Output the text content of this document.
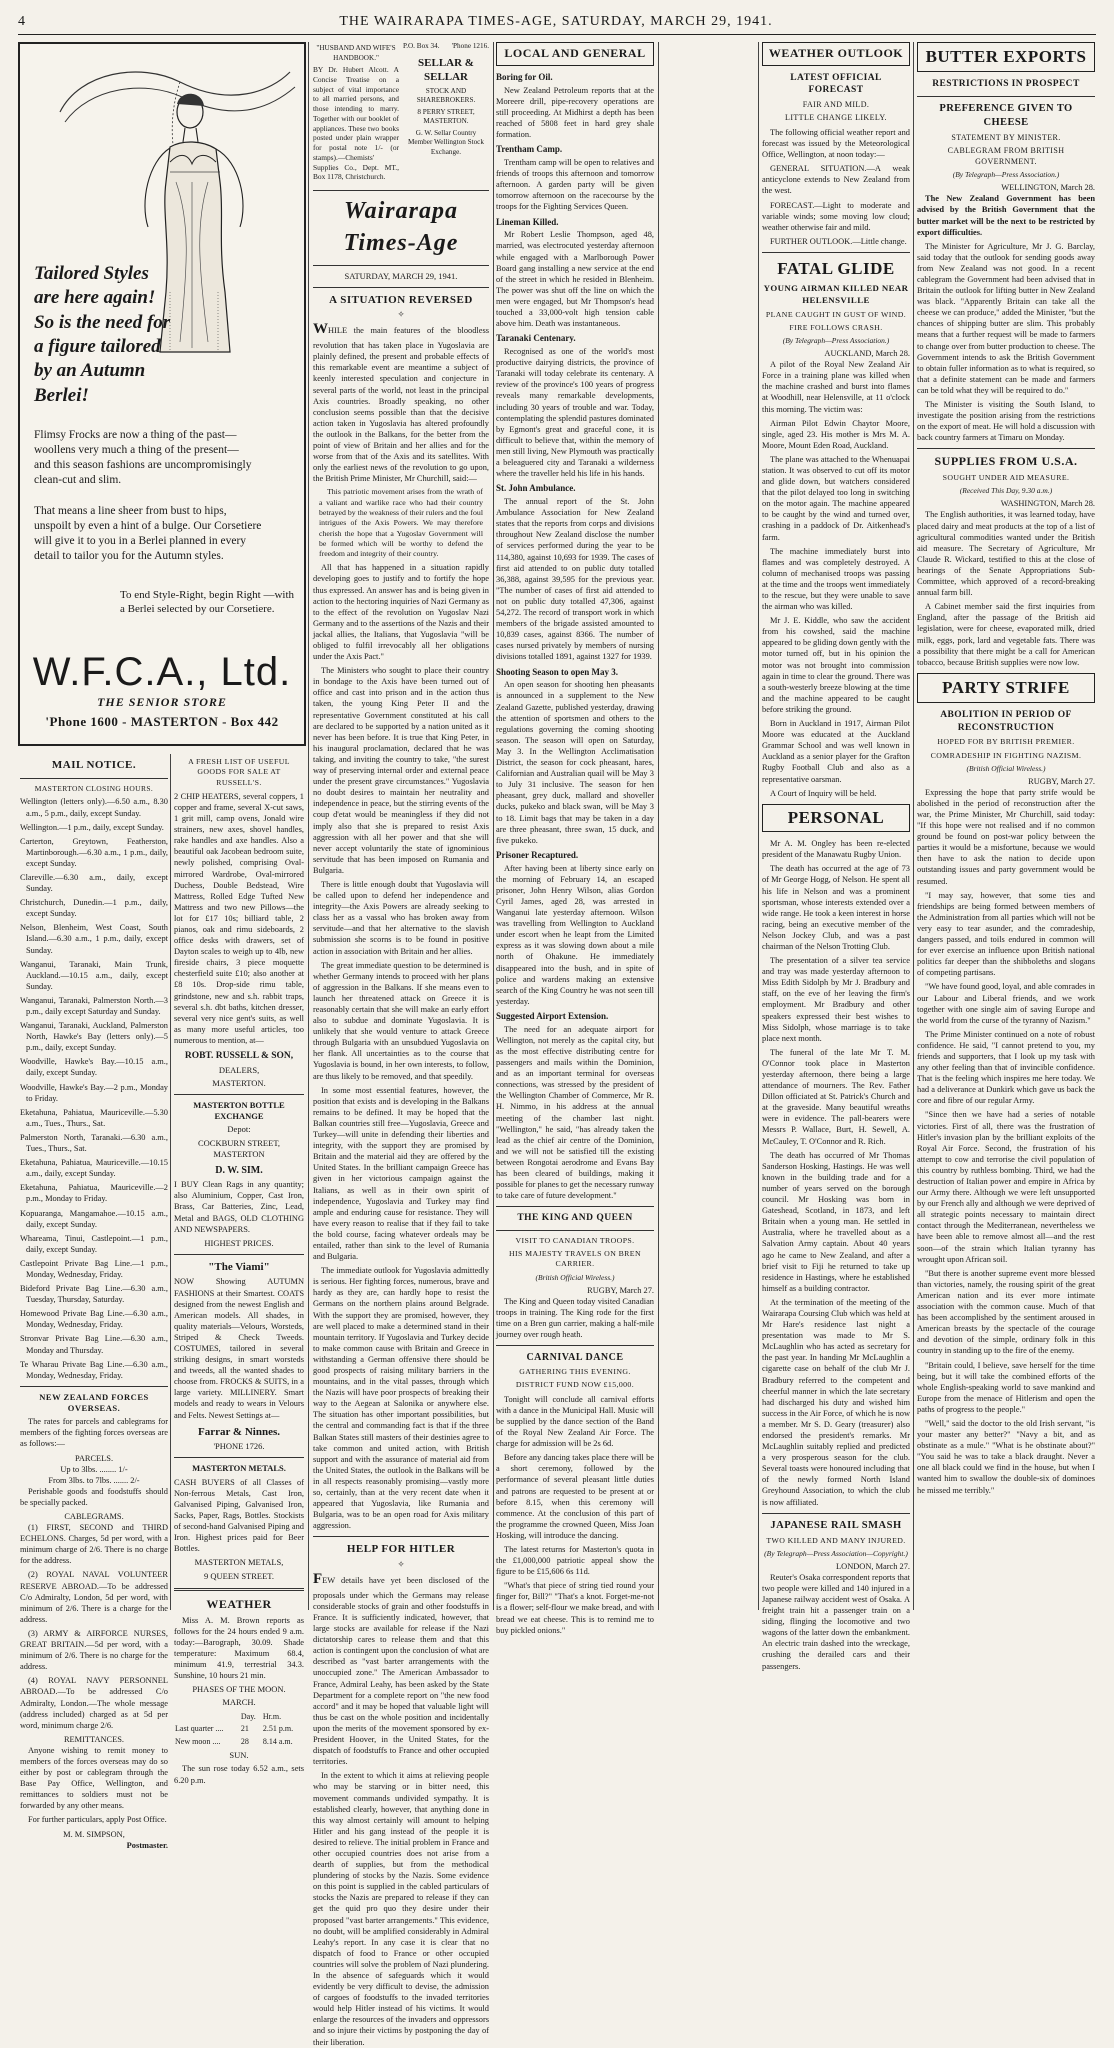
4	THE WAIRARAPA TIMES-AGE, SATURDAY, MARCH 29, 1941.
Tailored Styles
are here again!
So is the need for
a figure tailored
by an Autumn
Berlei!
Flimsy Frocks are now a thing of the past—woollens very much a thing of the present—and this season fashions are uncompromisingly clean-cut and slim.
That means a line sheer from bust to hips, unspoilt by even a hint of a bulge. Our Corsetiere will give it to you in a Berlei planned in every detail to tailor you for the Autumn styles.
To end Style-Right, begin Right —with a Berlei selected by our Corsetiere.
W.F.C.A., Ltd.
THE SENIOR STORE
'Phone 1600 - MASTERTON - Box 442
MAIL NOTICE.
MASTERTON CLOSING HOURS.

Wellington (letters only).—6.50 a.m., 8.30 a.m., 5 p.m., daily, except Sunday.

Wellington.—1 p.m., daily, except Sunday.

Carterton, Greytown, Featherston, Martinborough.—6.30 a.m., 1 p.m., daily, except Sunday.

Clareville.—6.30 a.m., daily, except Sunday.

Christchurch, Dunedin.—1 p.m., daily, except Sunday.

Nelson, Blenheim, West Coast, South Island.—6.30 a.m., 1 p.m., daily, except Sunday.

Wanganui, Taranaki, Main Trunk, Auckland.—10.15 a.m., daily, except Sunday.

Wanganui, Taranaki, Palmerston North.—3 p.m., daily except Saturday and Sunday.

Wanganui, Taranaki, Auckland, Palmerston North, Hawke's Bay (letters only).—5 p.m., daily, except Sunday.

Woodville, Hawke's Bay.—10.15 a.m., daily, except Sunday.

Woodville, Hawke's Bay.—2 p.m., Monday to Friday.

Eketahuna, Pahiatua, Mauriceville.—5.30 a.m., Tues., Thurs., Sat.

Palmerston North, Taranaki.—6.30 a.m., Tues., Thurs., Sat.

Eketahuna, Pahiatua, Mauriceville.—10.15 a.m., daily, except Sunday.

Eketahuna, Pahiatua, Mauriceville.—2 p.m., Monday to Friday.

Kopuaranga, Mangamahoe.—10.15 a.m., daily, except Sunday.

Whareama, Tinui, Castlepoint.—1 p.m., daily, except Sunday.

Castlepoint Private Bag Line.—1 p.m., Monday, Wednesday, Friday.

Bideford Private Bag Line.—6.30 a.m., Tuesday, Thursday, Saturday.

Homewood Private Bag Line.—6.30 a.m., Monday, Wednesday, Friday.

Stronvar Private Bag Line.—6.30 a.m., Monday and Thursday.

Te Wharau Private Bag Line.—6.30 a.m., Monday, Wednesday, Friday.

NEW ZEALAND FORCES OVERSEAS.

The rates for parcels and cablegrams for members of the fighting forces overseas are as follows:—

PARCELS.
Up to 3lbs. ........ 1/-
From 3lbs. to 7lbs. ....... 2/-

Perishable goods and foodstuffs should be specially packed.

CABLEGRAMS.

(1) FIRST, SECOND and THIRD ECHELONS. Charges, 5d per word, with a minimum charge of 2/6. There is no charge for the address.

(2) ROYAL NAVAL VOLUNTEER RESERVE ABROAD.—To be addressed C/o Admiralty, London, 5d per word, with minimum of 2/6. There is a charge for the address.

(3) ARMY & AIRFORCE NURSES, GREAT BRITAIN.—5d per word, with a minimum of 2/6. There is no charge for the address.

(4) ROYAL NAVY PERSONNEL ABROAD.—To be addressed C/o Admiralty, London.—The whole message (address included) charged as at 5d per word, minimum charge 2/6.

REMITTANCES.

Anyone wishing to remit money to members of the forces overseas may do so either by post or cablegram through the Base Pay Office, Wellington, and remittances to soldiers must not be forwarded by any other means.

For further particulars, apply Post Office.

M. M. SIMPSON,
Postmaster.
A FRESH LIST OF USEFUL GOODS FOR SALE AT RUSSELL'S.

2 CHIP HEATERS, several coppers, 1 copper and frame, several X-cut saws, 1 grit mill, camp ovens, Jonald wire strainers, new axes, shovel handles, rake handles and axe handles. Also a beautiful oak Jacobean bedroom suite, newly polished, comprising Oval-mirrored Wardrobe, Oval-mirrored Duchess, Double Bedstead, Wire Mattress, Rolled Edge Tufted New Mattress and two new Pillows—the lot for £17 10s; billiard table, 2 pianos, oak and rimu sideboards, 2 office desks with drawers, set of Dayton scales to weigh up to 4lb, new fireside chairs, 3 piece moquette chesterfield suite £10; also another at £8 10s. Drop-side rimu table, grindstone, new and s.h. rabbit traps, several s.h. dbt baths, kitchen dresser, several very nice gent's suits, as well as many more useful articles, too numerous to mention, at—

ROBT. RUSSELL & SON,
DEALERS,
MASTERTON.
MASTERTON BOTTLE EXCHANGE
Depot:
COCKBURN STREET, MASTERTON
D. W. SIM.

I BUY Clean Rags in any quantity; also Aluminium, Copper, Cast Iron, Brass, Car Batteries, Zinc, Lead, Metal and BAGS, OLD CLOTHING AND NEWSPAPERS.

HIGHEST PRICES.
"The Viami"

NOW Showing AUTUMN FASHIONS at their Smartest. COATS designed from the newest English and American models. All shades, in quality materials—Velours, Worsteds, Striped & Check Tweeds. COSTUMES, tailored in several striking designs, in smart worsteds and tweeds, all the wanted shades to choose from. FROCKS & SUITS, in a large variety. MILLINERY. Smart models and ready to wears in Velours and Felts. Newest Settings at—

Farrar & Ninnes.
'PHONE 1726.
MASTERTON METALS.

CASH BUYERS of all Classes of Non-ferrous Metals, Cast Iron, Galvanised Piping, Galvanised Iron, Sacks, Paper, Rags, Bottles. Stockists of second-hand Galvanised Piping and Iron. Highest prices paid for Beer Bottles.

MASTERTON METALS,
9 QUEEN STREET.
WEATHER

Miss A. M. Brown reports as follows for the 24 hours ended 9 a.m. today:—Barograph, 30.09. Shade temperature: Maximum 68.4, minimum 41.9, terrestrial 34.3. Sunshine, 10 hours 21 min.

PHASES OF THE MOON.
MARCH.
	Day.	Hr.m.
Last quarter ....	21	2.51 p.m.
New moon ....	28	8.14 a.m.
SUN.

The sun rose today 6.52 a.m., sets 6.20 p.m.

"HUSBAND AND WIFE'S HANDBOOK."

BY Dr. Hubert Alcott. A Concise Treatise on a subject of vital importance to all married persons, and those intending to marry. Together with our booklet of appliances. These two books posted under plain wrapper for postal note 1/- (or stamps).—Chemists' Supplies Co., Dept. MT., Box 1178, Christchurch.

P.O. Box 34. 'Phone 1216.
SELLAR & SELLAR
STOCK AND SHAREBROKERS.
8 PERRY STREET, MASTERTON.
G. W. Sellar Country Member Wellington Stock Exchange.
Wairarapa Times-Age
SATURDAY, MARCH 29, 1941.
A SITUATION REVERSED
✧

WHILE the main features of the bloodless revolution that has taken place in Yugoslavia are plainly defined, the present and probable effects of this remarkable event are meantime a subject of keenly interested speculation and conjecture in several parts of the world, not least in the principal Axis countries. Broadly speaking, no other conclusion seems possible than that the decisive action taken in Yugoslavia has altered profoundly the outlook in the Balkans, for the better from the point of view of Britain and her allies and for the worse from that of the Axis and its satellites. With only the earliest news of the revolution to go upon, the British Prime Minister, Mr Churchill, said:—

This patriotic movement arises from the wrath of a valiant and warlike race who had their country betrayed by the weakness of their rulers and the foul intrigues of the Axis Powers. We may therefore cherish the hope that a Yugoslav Government will be formed which will be worthy to defend the freedom and integrity of their country.

All that has happened in a situation rapidly developing goes to justify and to fortify the hope thus expressed. An answer has and is being given in action to the hectoring inquiries of Nazi Germany as to the effect of the revolution on Yugoslav Nazi Germany and to the assertions of the Nazis and their jackal allies, the Italians, that Yugoslavia "will be obliged to fulfil irrevocably all her obligations under the Axis Pact."

The Ministers who sought to place their country in bondage to the Axis have been turned out of office and cast into prison and in the action thus taken, the young King Peter II and the representative Government constituted at his call are declared to be supported by a nation united as it never has been before. It is true that King Peter, in his inaugural proclamation, declared that he was taking, and inviting the country to take, "the surest way of preserving internal order and external peace under the present grave circumstances." Yugoslavia no doubt desires to maintain her neutrality and independence in peace, but the stirring events of the coup d'etat would be meaningless if they did not imply also that she is prepared to resist Axis aggression with all her power and that she will never accept voluntarily the state of ignominious servitude that has been imposed on Rumania and Bulgaria.

There is little enough doubt that Yugoslavia will be called upon to defend her independence and integrity—the Axis Powers are already seeking to class her as a vassal who has broken away from servitude—and that her alternative to the slavish submission she scorns is to be found in positive action in association with Britain and her allies.

The great immediate question to be determined is whether Germany intends to proceed with her plans of aggression in the Balkans. If she means even to launch her threatened attack on Greece it is reasonably certain that she will make an early effort also to subdue and dominate Yugoslavia. It is unlikely that she would venture to attack Greece through Bulgaria with an unsubdued Yugoslavia on her flank. All uncertainties as to the course that Yugoslavia is bound, in her own interests, to follow, are thus likely to be removed, and that speedily.

In some most essential features, however, the position that exists and is developing in the Balkans remains to be defined. It may be hoped that the Balkan countries still free—Yugoslavia, Greece and Turkey—will unite in defending their liberties and integrity, with the support they are promised by Britain and the material aid they are offered by the United States. In the brilliant campaign Greece has given in her victorious campaign against the Italians, as well as in their own spirit of independence, Yugoslavia and Turkey may find ample and enduring cause for resistance. They will have every reason to realise that if they fail to take the bold course, facing whatever ordeals may be entailed, rather than sink to the level of Rumania and Bulgaria.

The immediate outlook for Yugoslavia admittedly is serious. Her fighting forces, numerous, brave and hardy as they are, can hardly hope to resist the Germans on the northern plains around Belgrade. With the support they are promised, however, they are well placed to make a determined stand in their mountain territory. If Yugoslavia and Turkey decide to make common cause with Britain and Greece in withstanding a German offensive there should be good prospects of raising military barriers in the mountains, and in the vital passes, through which the Nazis will have poor prospects of breaking their way to the Aegean at Salonika or anywhere else. The situation has other important possibilities, but the central and commanding fact is that if the three Balkan States still masters of their destinies agree to take common and united action, with British support and with the assurance of material aid from the United States, the outlook in the Balkans will be in all respects reasonably promising—vastly more so, certainly, than at the very recent date when it appeared that Yugoslavia, like Rumania and Bulgaria, was to be an open road for Axis military aggression.

HELP FOR HITLER
✧

FEW details have yet been disclosed of the proposals under which the Germans may release considerable stocks of grain and other foodstuffs in France. It is sufficiently indicated, however, that large stocks are available for release if the Nazi dictatorship cares to release them and that this action is contingent upon the conclusion of what are described as "vast barter arrangements with the unoccupied zone." The American Ambassador to France, Admiral Leahy, has been asked by the State Department for a complete report on "the new food accord" and it may be hoped that valuable light will thus be cast on the whole position and incidentally upon the merits of the movement sponsored by ex-President Hoover, in the United States, for the dispatch of foodstuffs to France and other occupied territories.

In the extent to which it aims at relieving people who may be starving or in bitter need, this movement commands undivided sympathy. It is established clearly, however, that anything done in this way almost certainly will amount to helping Hitler and his gang instead of the people it is desired to relieve. The initial problem in France and other occupied countries does not arise from a dearth of supplies, but from the methodical plundering of stocks by the Nazis. Some evidence on this point is supplied in the cabled particulars of stocks the Nazis are prepared to release if they can get the quid pro quo they desire under their proposed "vast barter arrangements." This evidence, no doubt, will be amplified considerably in Admiral Leahy's report. In any case it is clear that no dispatch of food to France or other occupied countries will solve the problem of Nazi plundering. In the absence of safeguards which it would evidently be very difficult to devise, the admission of cargoes of foodstuffs to the invaded territories would help Hitler instead of his victims. It would enlarge the resources of the invaders and oppressors and so injure their victims by postponing the day of their liberation.

LOCAL AND GENERAL
Boring for Oil.

New Zealand Petroleum reports that at the Moreere drill, pipe-recovery operations are still proceeding. At Midhirst a depth has been reached of 5808 feet in hard grey shale formation.

Trentham Camp.

Trentham camp will be open to relatives and friends of troops this afternoon and tomorrow afternoon. A garden party will be given tomorrow afternoon on the racecourse by the troops for the Fighting Services Queen.

Lineman Killed.

Mr Robert Leslie Thompson, aged 48, married, was electrocuted yesterday afternoon while engaged with a Marlborough Power Board gang installing a new service at the end of the street in which he resided in Blenheim. The power was shut off the line on which the men were engaged, but Mr Thompson's head touched a 33,000-volt high tension cable above him. Death was instantaneous.

Taranaki Centenary.

Recognised as one of the world's most productive dairying districts, the province of Taranaki will today celebrate its centenary. A review of the province's 100 years of progress reveals many remarkable developments, including 30 years of trouble and war. Today, contemplating the splendid pastures dominated by Egmont's great and graceful cone, it is difficult to believe that, within the memory of men still living, New Plymouth was practically a beleaguered city and Taranaki a wilderness where the traveller held his life in his hands.

St. John Ambulance.

The annual report of the St. John Ambulance Association for New Zealand states that the reports from corps and divisions throughout New Zealand disclose the number of services performed during the year to be 114,380, against 10,693 for 1939. The cases of first aid attended to on public duty totalled 36,388, against 39,595 for the previous year. "The number of cases of first aid attended to not on public duty totalled 47,306, against 54,272. The record of transport work in which members of the brigade assisted amounted to 10,839 cases, against 8366. The number of cases nursed privately by members of nursing divisions totalled 1891, against 1327 for 1939.

Shooting Season to open May 3.

An open season for shooting hen pheasants is announced in a supplement to the New Zealand Gazette, published yesterday, drawing the attention of sportsmen and others to the regulations governing the coming shooting season. The season will open on Saturday, May 3. In the Wellington Acclimatisation District, the season for cock pheasant, hares, Californian and Australian quail will be May 3 to July 31 inclusive. The season for hen pheasant, grey duck, mallard and shoveller ducks, pukeko and black swan, will be May 3 to 18. Limit bags that may be taken in a day are three pheasant, three swan, 15 duck, and five pukeko.

Prisoner Recaptured.

After having been at liberty since early on the morning of February 14, an escaped prisoner, John Henry Wilson, alias Gordon Cyril James, aged 28, was arrested in Wanganui late yesterday afternoon. Wilson was travelling from Wellington to Auckland under escort when he leapt from the Limited express as it was slowing down about a mile north of Ohakune. He immediately disappeared into the bush, and in spite of police and wardens making an extensive search of the King Country he was not seen till yesterday.

Suggested Airport Extension.

The need for an adequate airport for Wellington, not merely as the capital city, but as the most effective distributing centre for passengers and mails within the Dominion, and as an important terminal for overseas connections, was stressed by the president of the Wellington Chamber of Commerce, Mr R. H. Nimmo, in his address at the annual meeting of the chamber last night. "Wellington," he said, "has already taken the lead as the chief air centre of the Dominion, and we will not be satisfied till the existing between Rongotai aerodrome and Evans Bay has been cleared of buildings, making it possible for planes to get the necessary runway to take care of future development."

THE KING AND QUEEN
VISIT TO CANADIAN TROOPS.
HIS MAJESTY TRAVELS ON BREN CARRIER.
(British Official Wireless.)
RUGBY, March 27.

The King and Queen today visited Canadian troops in training. The King rode for the first time on a Bren gun carrier, making a half-mile journey over rough heath.

CARNIVAL DANCE
GATHERING THIS EVENING.
DISTRICT FUND NOW £15,000.

Tonight will conclude all carnival efforts with a dance in the Municipal Hall. Music will be supplied by the dance section of the Band of the Royal New Zealand Air Force. The charge for admission will be 2s 6d.

Before any dancing takes place there will be a short ceremony, followed by the performance of several pleasant little duties and patrons are requested to be present at or before 8.15, when this ceremony will commence. At the conclusion of this part of the programme the crowned Queen, Miss Joan Hosking, will introduce the dancing.

The latest returns for Masterton's quota in the £1,000,000 patriotic appeal show the figure to be £15,606 6s 11d.

"What's that piece of string tied round your finger for, Bill?" "That's a knot. Forget-me-not is a flower; self-flour we make bread, and with bread we eat cheese. This is to remind me to buy pickled onions."

WEATHER OUTLOOK
LATEST OFFICIAL FORECAST
FAIR AND MILD.
LITTLE CHANGE LIKELY.

The following official weather report and forecast was issued by the Meteorological Office, Wellington, at noon today:—

GENERAL SITUATION.—A weak anticyclone extends to New Zealand from the west.

FORECAST.—Light to moderate and variable winds; some moving low cloud; weather otherwise fair and mild.

FURTHER OUTLOOK.—Little change.

FATAL GLIDE
YOUNG AIRMAN KILLED NEAR HELENSVILLE
PLANE CAUGHT IN GUST OF WIND.
FIRE FOLLOWS CRASH.
(By Telegraph—Press Association.)
AUCKLAND, March 28.

A pilot of the Royal New Zealand Air Force in a training plane was killed when the machine crashed and burst into flames at Woodhill, near Helensville, at 11 o'clock this morning. The victim was:

Airman Pilot Edwin Chaytor Moore, single, aged 23. His mother is Mrs M. A. Moore, Mount Eden Road, Auckland.

The plane was attached to the Whenuapai station. It was observed to cut off its motor and glide down, but watchers considered that the pilot delayed too long in switching on the motor again. The machine appeared to be caught by the wind and turned over, crashing in a paddock of Dr. Aitkenhead's farm.

The machine immediately burst into flames and was completely destroyed. A column of mechanised troops was passing at the time and the troops went immediately to the rescue, but they were unable to save the airman who was killed.

Mr J. E. Kiddle, who saw the accident from his cowshed, said the machine appeared to be gliding down gently with the motor turned off, but in his opinion the motor was not brought into commission again in time to clear the ground. There was a south-westerly breeze blowing at the time and the machine appeared to be caught before striking the ground.

Born in Auckland in 1917, Airman Pilot Moore was educated at the Auckland Grammar School and was well known in Auckland as a senior player for the Grafton Rugby Football Club and also as a representative oarsman.

A Court of Inquiry will be held.

PERSONAL

Mr A. M. Ongley has been re-elected president of the Manawatu Rugby Union.

The death has occurred at the age of 73 of Mr George Hogg, of Nelson. He spent all his life in Nelson and was a prominent sportsman, whose interests extended over a wide range. He took a keen interest in horse racing, being an executive member of the Nelson Jockey Club, and was a past chairman of the Nelson Trotting Club.

The presentation of a silver tea service and tray was made yesterday afternoon to Miss Edith Sidolph by Mr J. Bradbury and staff, on the eve of her leaving the firm's employment. Mr Bradbury and other speakers expressed their best wishes to Miss Sidolph, whose marriage is to take place next month.

The funeral of the late Mr T. M. O'Connor took place in Masterton yesterday afternoon, there being a large attendance of mourners. The Rev. Father Dillon officiated at St. Patrick's Church and at the graveside. Many beautiful wreaths were in evidence. The pall-bearers were Messrs P. Wallace, Burt, H. Sewell, A. McCauley, T. O'Connor and R. Rich.

The death has occurred of Mr Thomas Sanderson Hosking, Hastings. He was well known in the building trade and for a number of years served on the borough council. Mr Hosking was born in Gateshead, Scotland, in 1873, and left Britain when a young man. He settled in Australia, where he travelled about as a Salvation Army captain. About 40 years ago he came to New Zealand, and after a brief visit to Fiji he returned to take up residence in Hastings, where he established himself as a building contractor.

At the termination of the meeting of the Wairarapa Coursing Club which was held at Mr Hare's residence last night a presentation was made to Mr S. McLaughlin who has acted as secretary for the past year. In handing Mr McLaughlin a cigarette case on behalf of the club Mr J. Bradbury referred to the competent and cheerful manner in which the late secretary had discharged his duty and wished him success in the Air Force, of which he is now a member. Mr S. D. Geary (treasurer) also endorsed the president's remarks. Mr McLaughlin suitably replied and predicted a very prosperous season for the club. Several toasts were honoured including that of the newly formed North Island Greyhound Association, to which the club is now affiliated.

JAPANESE RAIL SMASH
TWO KILLED AND MANY INJURED.
(By Telegraph—Press Association—Copyright.)
LONDON, March 27.

Reuter's Osaka correspondent reports that two people were killed and 140 injured in a Japanese railway accident west of Osaka. A freight train hit a passenger train on a siding, flinging the locomotive and two wagons of the latter down the embankment. An electric train dashed into the wreckage, crushing the derailed cars and their passengers.

BUTTER EXPORTS
RESTRICTIONS IN PROSPECT
PREFERENCE GIVEN TO CHEESE
STATEMENT BY MINISTER.
CABLEGRAM FROM BRITISH GOVERNMENT.
(By Telegraph—Press Association.)
WELLINGTON, March 28.

The New Zealand Government has been advised by the British Government that the butter market will be the next to be restricted by export difficulties.

The Minister for Agriculture, Mr J. G. Barclay, said today that the outlook for sending goods away from New Zealand was not good. In a recent cablegram the Government had been advised that in Britain the outlook for lifting butter in New Zealand was black. "Apparently Britain can take all the cheese we can produce," added the Minister, "but the chances of shipping butter are slim. This probably means that a further request will be made to farmers to change over from butter production to cheese. The Government intends to ask the British Government to obtain fuller information as to what is required, so that a definite statement can be made and farmers can be told what they will be required to do."

The Minister is visiting the South Island, to investigate the position arising from the restrictions on the export of meat. He will hold a discussion with back country farmers at Timaru on Monday.

SUPPLIES FROM U.S.A.
SOUGHT UNDER AID MEASURE.
(Received This Day, 9.30 a.m.)
WASHINGTON, March 28.

The English authorities, it was learned today, have placed dairy and meat products at the top of a list of agricultural commodities wanted under the British aid measure. The Secretary of Agriculture, Mr Claude R. Wickard, testified to this at the close of hearings of the Senate Appropriations Sub-Committee, which approved of a record-breaking annual farm bill.

A Cabinet member said the first inquiries from England, after the passage of the British aid legislation, were for cheese, evaporated milk, dried milk, eggs, pork, lard and vegetable fats. There was a possibility that there might be a call for American tobacco, because British supplies were now low.

PARTY STRIFE
ABOLITION IN PERIOD OF RECONSTRUCTION
HOPED FOR BY BRITISH PREMIER.
COMRADESHIP IN FIGHTING NAZISM.
(British Official Wireless.)
RUGBY, March 27.

Expressing the hope that party strife would be abolished in the period of reconstruction after the war, the Prime Minister, Mr Churchill, said today: "If this hope were not realised and if no common ground be found on post-war policy between the parties it would be a misfortune, because we would then have to ask the nation to decide upon outstanding issues and party government would be resumed.

"I may say, however, that some ties and friendships are being formed between members of the Administration from all parties which will not be very easy to tear asunder, and the comradeship, dangers passed, and toils endured in common will for ever exercise an influence upon British national politics far deeper than the shibboleths and slogans of competing partisans.

"We have found good, loyal, and able comrades in our Labour and Liberal friends, and we work together with one single aim of saving Europe and the world from the curse of the tyranny of Nazism."

The Prime Minister continued on a note of robust confidence. He said, "I cannot pretend to you, my friends and supporters, that I look up my task with any other feeling than that of invincible confidence. That is the feeling which inspires me here today. We had a deliverance at Dunkirk which gave us back the core and fibre of our regular Army.

"Since then we have had a series of notable victories. First of all, there was the frustration of Hitler's invasion plan by the brilliant exploits of the Royal Air Force. Second, the frustration of his attempt to cow and terrorise the civil population of this country by ruthless bombing. Third, we had the destruction of Italian power and empire in Africa by our Army there. Although we were left unsupported by our French ally and although we were deprived of all strategic points necessary to maintain direct contact through the Mediterranean, nevertheless we have been able to remove almost all—and the rest soon—of the strain which Italian tyranny has wrought upon African soil.

"But there is another supreme event more blessed than victories, namely, the rousing spirit of the great American nation and its ever more intimate association with the common cause. Much of that has been accomplished by the sentiment aroused in American breasts by the spectacle of the courage and devotion of the simple, ordinary folk in this country in standing up to the fire of the enemy.

"Britain could, I believe, save herself for the time being, but it will take the combined efforts of the whole English-speaking world to save mankind and Europe from the menace of Hitlerism and open the paths of progress to the people."

"Well," said the doctor to the old Irish servant, "is your master any better?" "Navy a bit, and as obstinate as a mule." "What is he obstinate about?" "You said he was to take a black draught. Never a one all black could we find in the house, but when I wanted him to swallow the double-six of dominoes he missed me terribly."
